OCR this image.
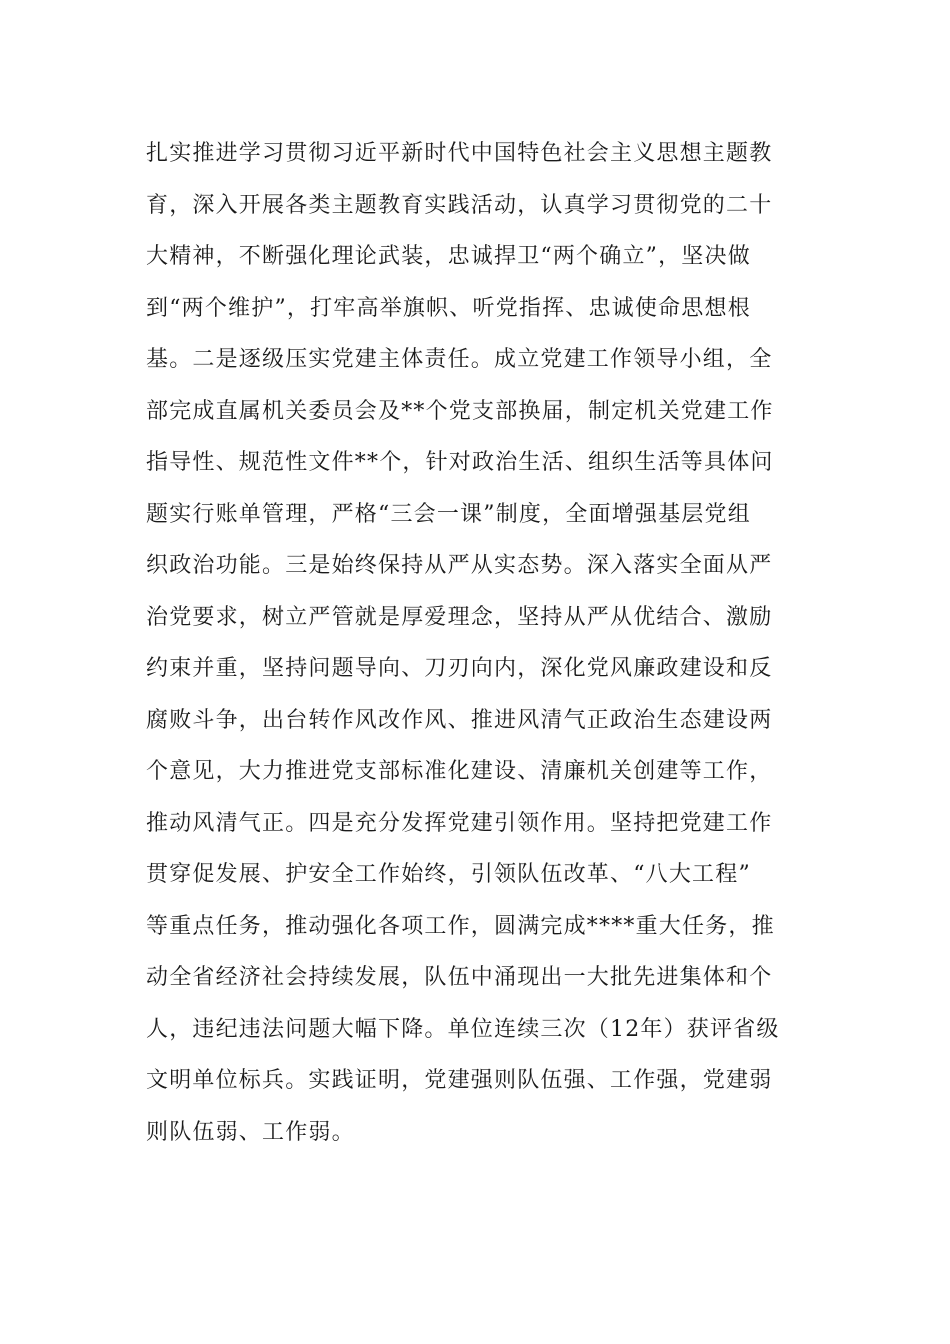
扎实推进学习贯彻习近平新时代中国特色社会主义思想主题教
育，深入开展各类主题教育实践活动，认真学习贯彻党的二十
大精神，不断强化理论武装，忠诚捍卫“两个确立”，坚决做
到“两个维护”，打牢高举旗帜、听党指挥、忠诚使命思想根
基。二是逐级压实党建主体责任。成立党建工作领导小组，全
部完成直属机关委员会及**个党支部换届，制定机关党建工作
指导性、规范性文件**个，针对政治生活、组织生活等具体问
题实行账单管理，严格“三会一课”制度，全面增强基层党组
织政治功能。三是始终保持从严从实态势。深入落实全面从严
治党要求，树立严管就是厚爱理念，坚持从严从优结合、激励
约束并重，坚持问题导向、刀刃向内，深化党风廉政建设和反
腐败斗争，出台转作风改作风、推进风清气正政治生态建设两
个意见，大力推进党支部标准化建设、清廉机关创建等工作，
推动风清气正。四是充分发挥党建引领作用。坚持把党建工作
贯穿促发展、护安全工作始终，引领队伍改革、“八大工程”
等重点任务，推动强化各项工作，圆满完成****重大任务，推
动全省经济社会持续发展，队伍中涌现出一大批先进集体和个
人，违纪违法问题大幅下降。单位连续三次（12年）获评省级
文明单位标兵。实践证明，党建强则队伍强、工作强，党建弱
则队伍弱、工作弱。
